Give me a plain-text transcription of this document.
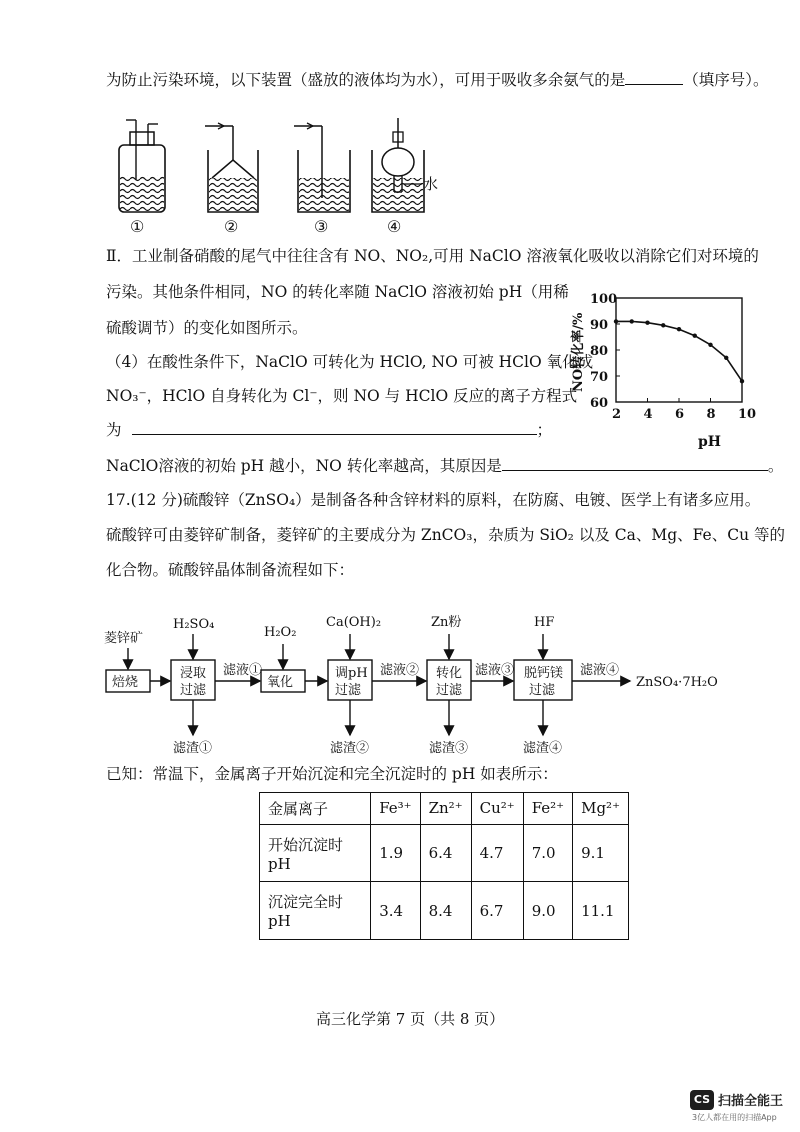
为防止污染环境，以下装置（盛放的液体均为水），可用于吸收多余氨气的是	（填序号）。
水
①	②	③	④
Ⅱ．工业制备硝酸的尾气中往往含有 NO、NO₂,可用 NaClO 溶液氧化吸收以消除它们对环境的
污染。其他条件相同，NO 的转化率随 NaClO 溶液初始 pH（用稀
硫酸调节）的变化如图所示。
（4）在酸性条件下，NaClO 可转化为 HClO, NO 可被 HClO 氧化成
NO₃⁻，HClO 自身转化为 Cl⁻，则 NO 与 HClO 反应的离子方程式
为	；
NaClO溶液的初始 pH 越小，NO 转化率越高，其原因是	。
2 4 6 8 10
60
70
80
90
100
pH
NO转化率/%
17.(12 分)硫酸锌（ZnSO₄）是制备各种含锌材料的原料，在防腐、电镀、医学上有诸多应用。
硫酸锌可由菱锌矿制备，菱锌矿的主要成分为 ZnCO₃，杂质为 SiO₂ 以及 Ca、Mg、Fe、Cu 等的
化合物。硫酸锌晶体制备流程如下：
菱锌矿
焙烧
浸取
过滤
氧化
调pH
过滤
转化
过滤
脱钙镁
过滤
H₂SO₄
H₂O₂
Ca(OH)₂	Zn粉	HF
滤液①	滤液②	滤液③	滤液④
ZnSO₄·7H₂O
滤渣①	滤渣②	滤渣③	滤渣④
已知：常温下，金属离子开始沉淀和完全沉淀时的 pH 如表所示：
金属离子	Fe³⁺	Zn²⁺	Cu²⁺	Fe²⁺	Mg²⁺
开始沉淀时 pH	1.9	6.4	4.7	7.0	9.1
沉淀完全时 pH	3.4	8.4	6.7	9.0	11.1
高三化学第 7 页（共 8 页）
CS 扫描全能王
3亿人都在用的扫描App
